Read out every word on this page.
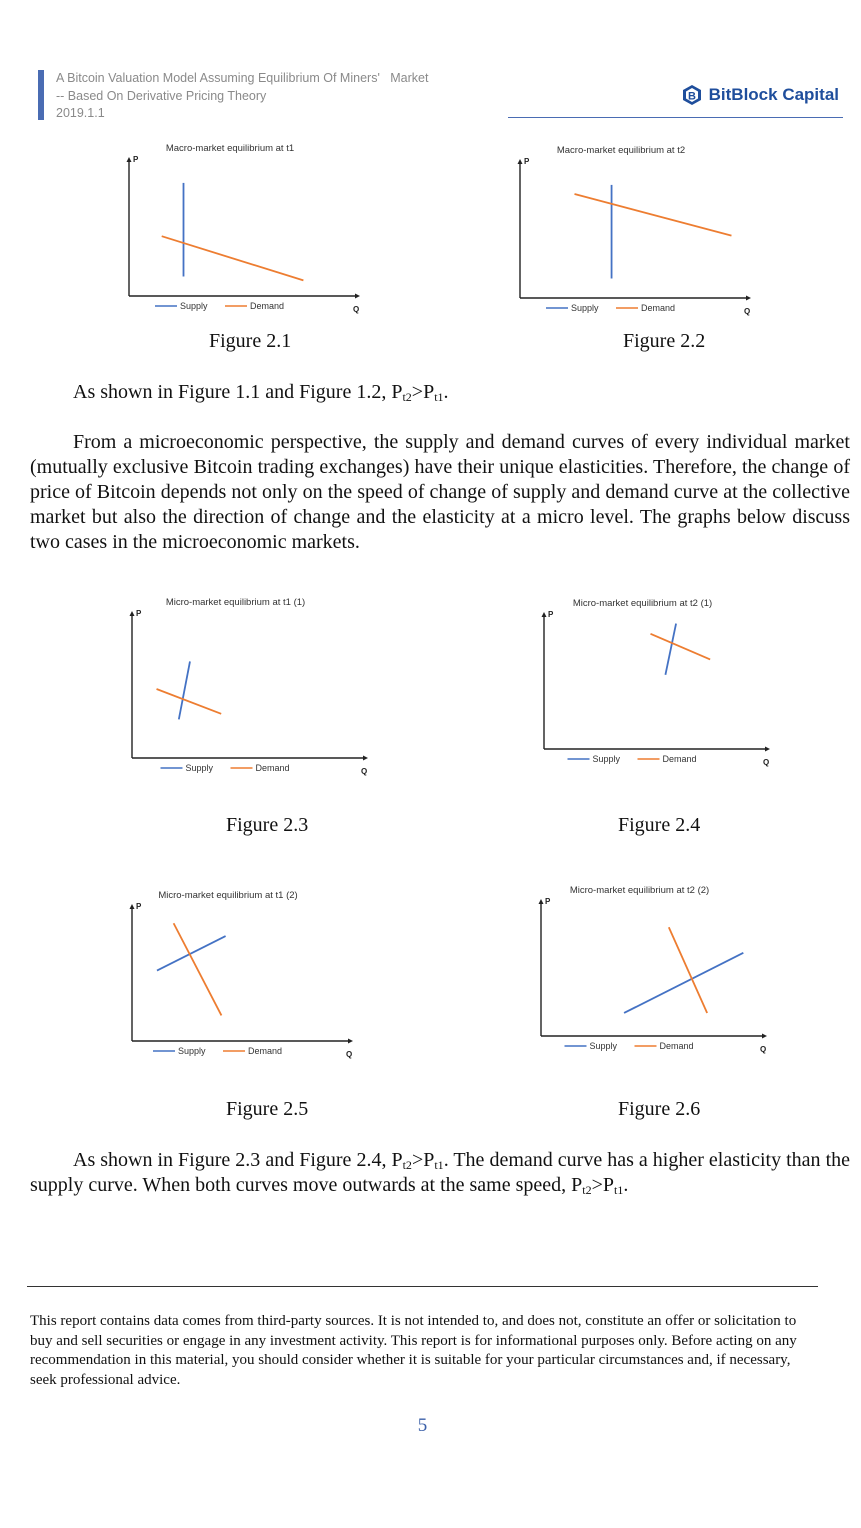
A Bitcoin Valuation Model Assuming Equilibrium Of Miners'   Market
-- Based On Derivative Pricing Theory
2019.1.1
B BitBlock Capital
Macro-market equilibrium at t1
P
Q
Supply	Demand
Macro-market equilibrium at t2
P
Q
Supply	Demand
Micro-market equilibrium at t1 (1)
P
Q
Supply	Demand
Micro-market equilibrium at t2 (1)
P
Q
Supply	Demand
Micro-market equilibrium at t1 (2)
P
Q
Supply	Demand
Micro-market equilibrium at t2 (2)
P
Q
Supply	Demand
Figure 2.1	Figure 2.2
Figure 2.3	Figure 2.4
Figure 2.5	Figure 2.6

As shown in Figure 1.1 and Figure 1.2, $P_{t2}>P_{t1}$.

From a microeconomic perspective, the supply and demand curves of every individual market (mutually exclusive Bitcoin trading exchanges) have their unique elasticities. Therefore, the change of price of Bitcoin depends not only on the speed of change of supply and demand curve at the collective market but also the direction of change and the elasticity at a micro level. The graphs below discuss two cases in the microeconomic markets.

As shown in Figure 2.3 and Figure 2.4, $P_{t2}>P_{t1}$. The demand curve has a higher elasticity than the supply curve. When both curves move outwards at the same speed, $P_{t2}>P_{t1}$.

This report contains data comes from third-party sources. It is not intended to, and does not, constitute an offer or solicitation to buy and sell securities or engage in any investment activity. This report is for informational purposes only. Before acting on any recommendation in this material, you should consider whether it is suitable for your particular circumstances and, if necessary, seek professional advice.
5
